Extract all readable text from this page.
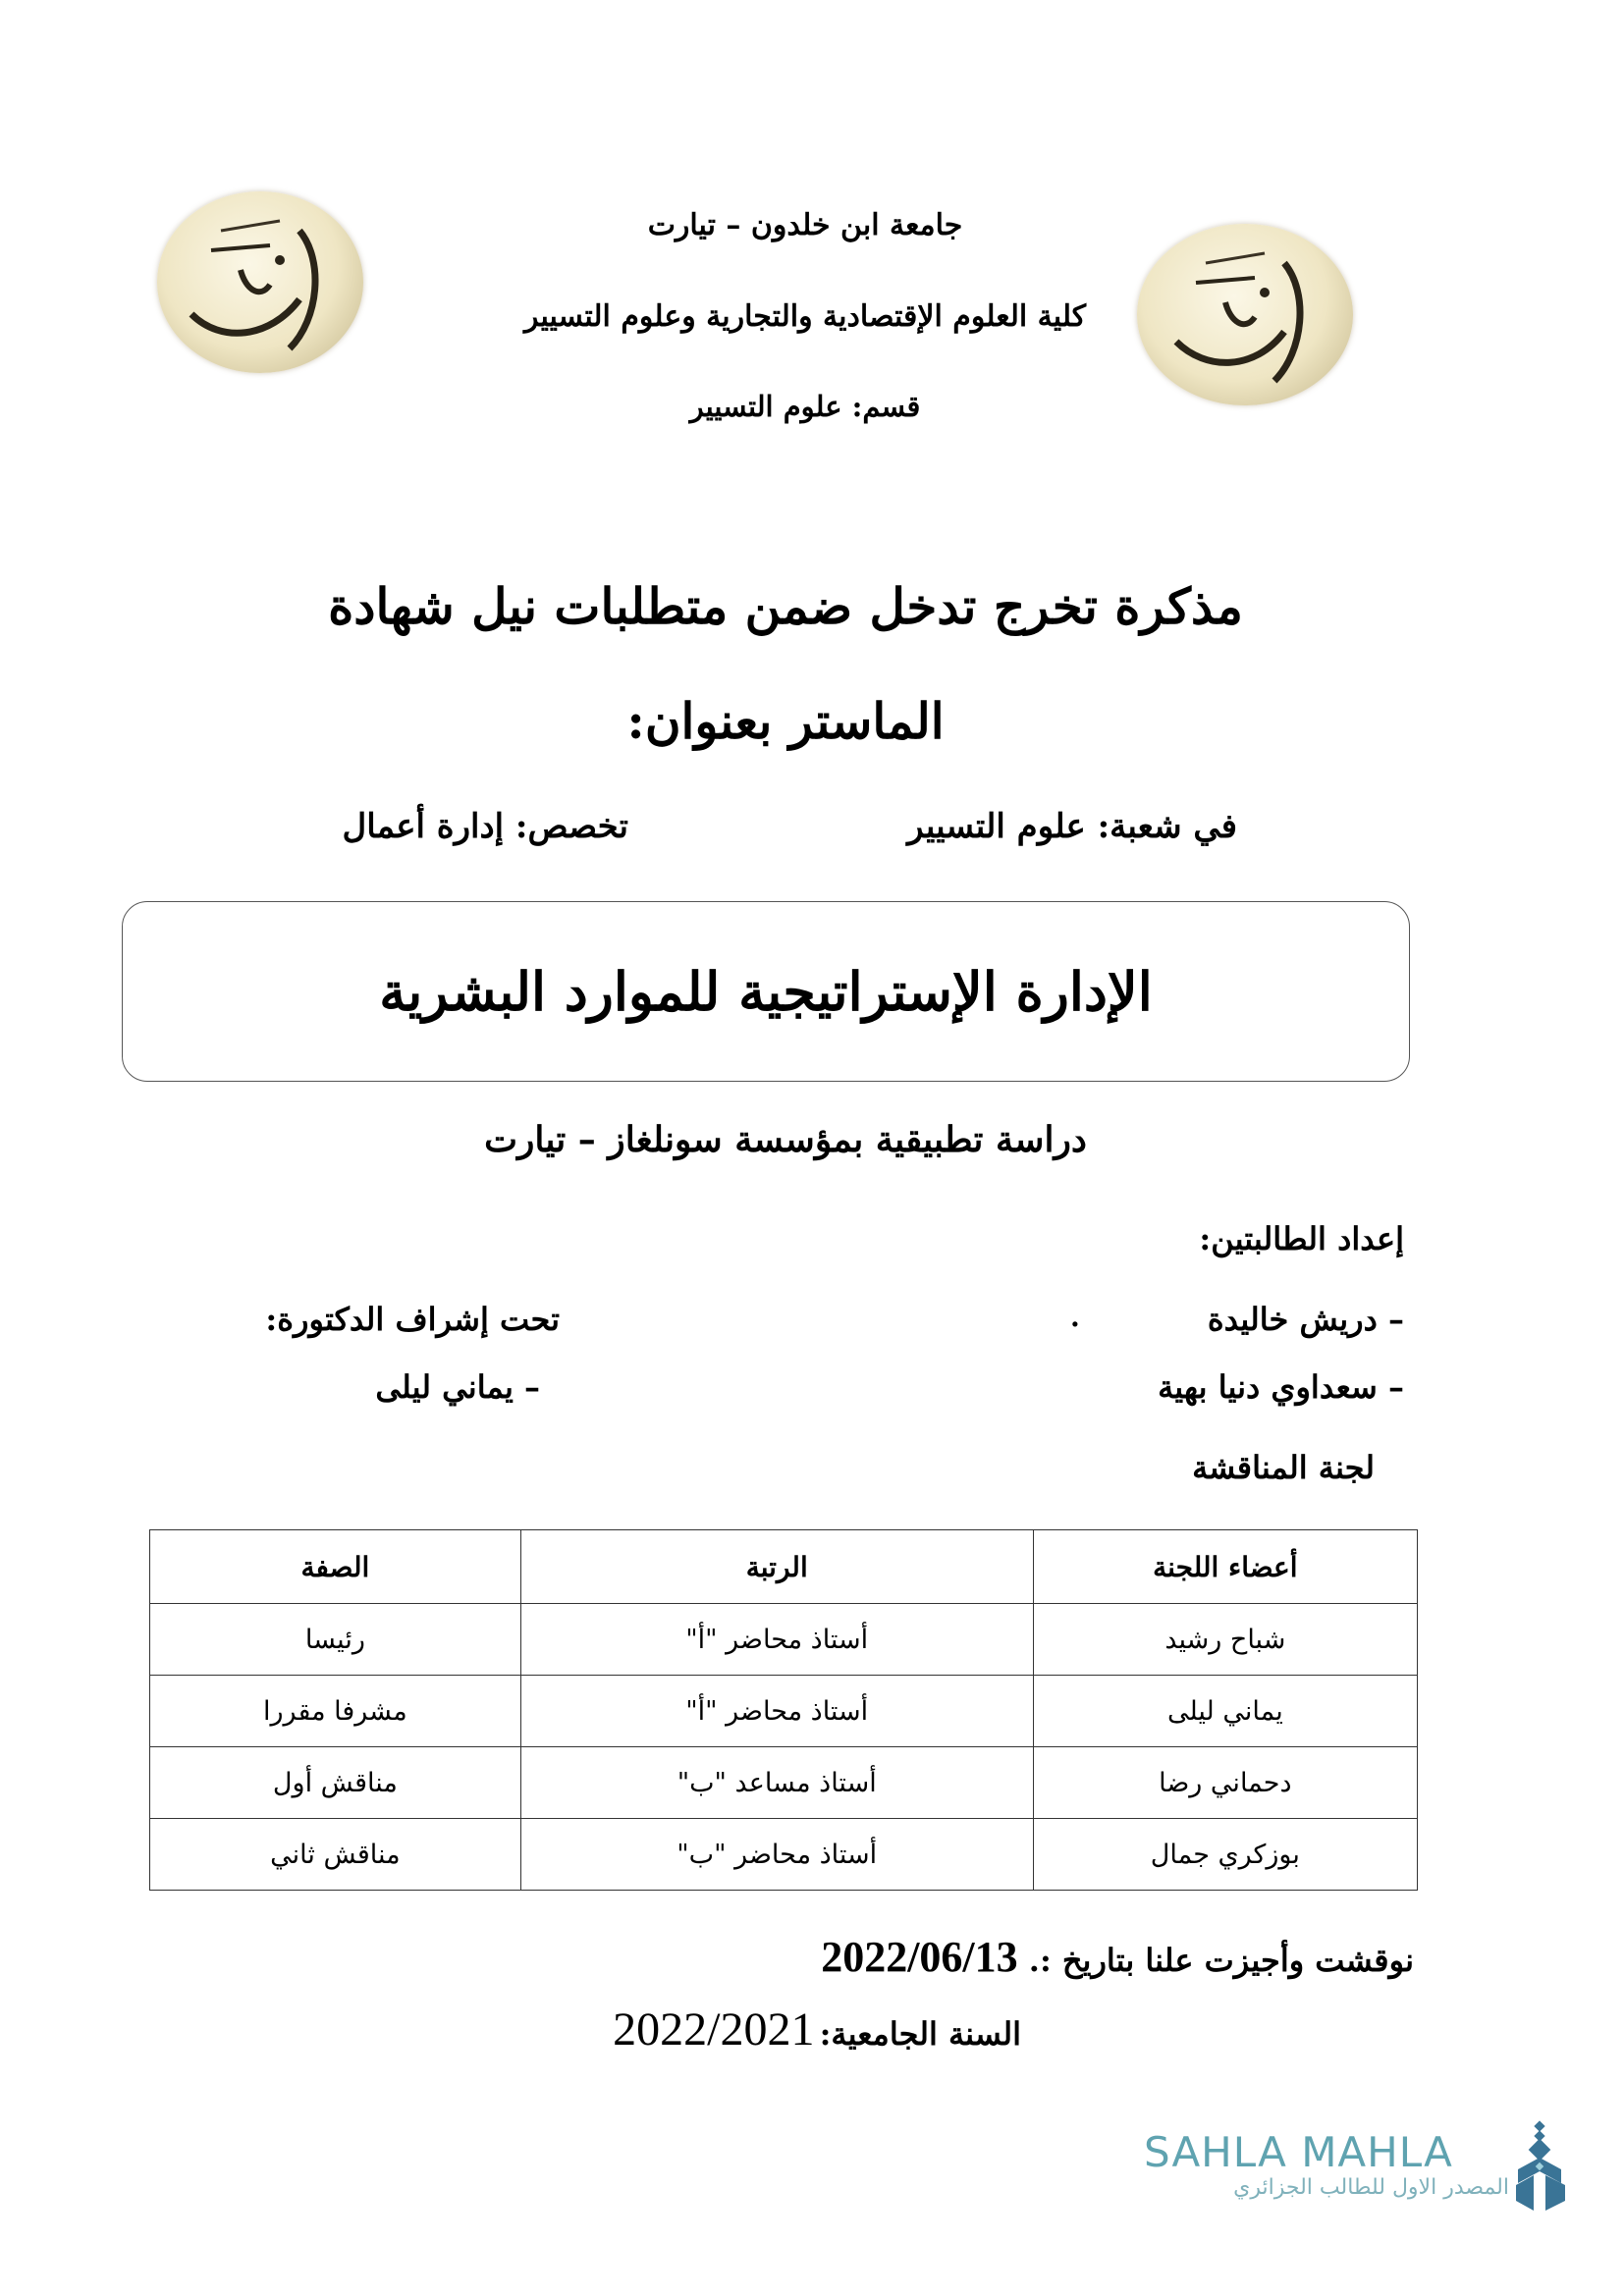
جامعة ابن خلدون – تيارت
كلية العلوم الإقتصادية والتجارية وعلوم التسيير
قسم: علوم التسيير
مذكرة تخرج تدخل ضمن متطلبات نيل شهادة
الماستر بعنوان:
في شعبة: علوم التسيير
تخصص: إدارة أعمال
الإدارة الإستراتيجية للموارد البشرية
دراسة تطبيقية بمؤسسة سونلغاز – تيارت
إعداد الطالبتين:
– دريش خاليدة
.
تحت إشراف الدكتورة:
– سعداوي دنيا بهية
– يماني ليلى
لجنة المناقشة
أعضاء اللجنة	الرتبة	الصفة
شباح رشيد	أستاذ محاضر "أ"	رئيسا
يماني ليلى	أستاذ محاضر "أ"	مشرفا مقررا
دحماني رضا	أستاذ مساعد "ب"	مناقش أول
بوزكري جمال	أستاذ محاضر "ب"	مناقش ثاني
نوقشت وأجيزت علنا بتاريخ :. 2022/06/13
السنة الجامعية: 2022/2021
SAHLA MAHLA
المصدر الاول للطالب الجزائري
